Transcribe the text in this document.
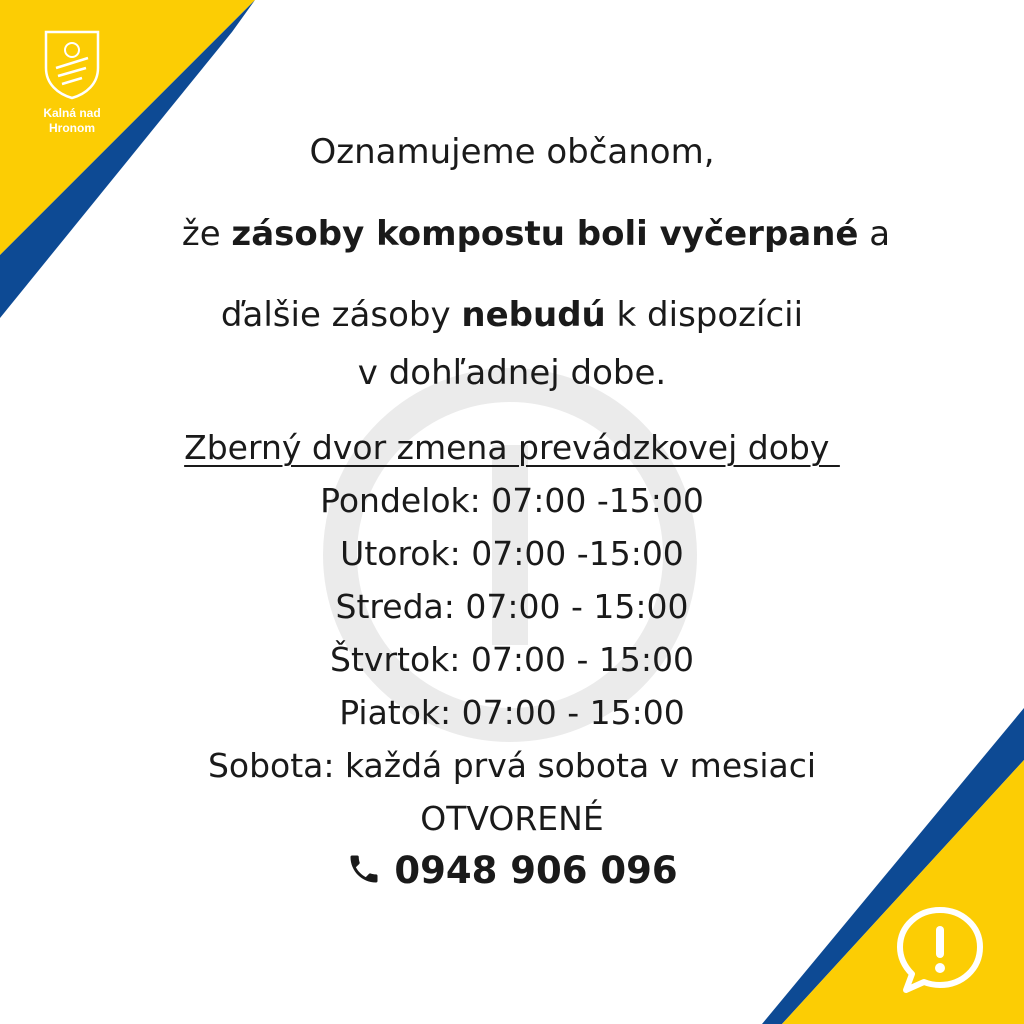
Kalná nad
Hronom
Oznamujeme občanom,
že zásoby kompostu boli vyčerpané a
ďalšie zásoby nebudú k dispozícii
v dohľadnej dobe.
Zberný dvor zmena prevádzkovej doby
Pondelok: 07:00 -15:00
Utorok: 07:00 -15:00
Streda: 07:00 - 15:00
Štvrtok: 07:00 - 15:00
Piatok: 07:00 - 15:00
Sobota: každá prvá sobota v mesiaci
OTVORENÉ
0948 906 096
